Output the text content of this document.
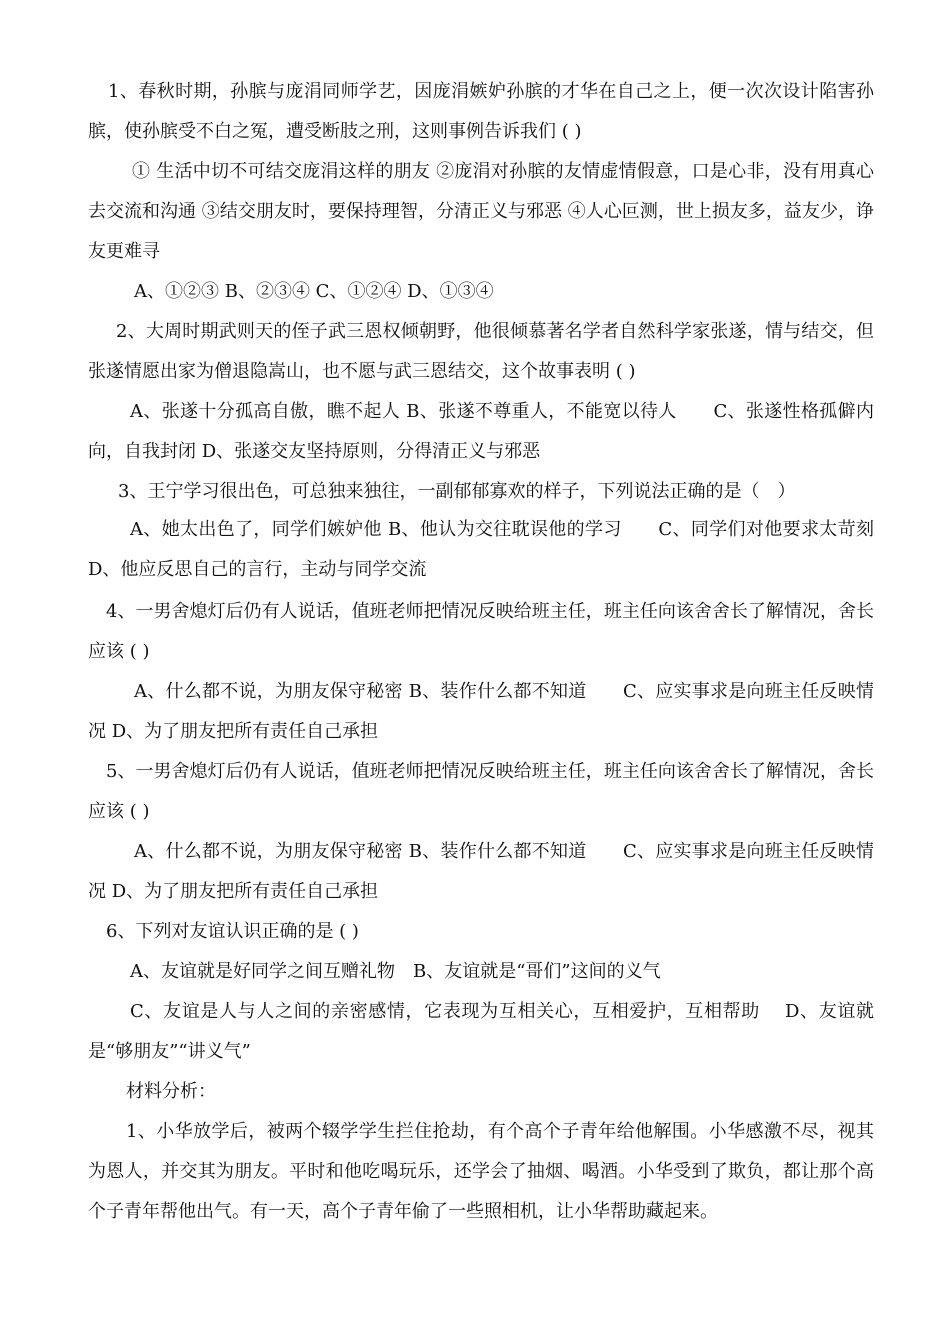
1、春秋时期，孙膑与庞涓同师学艺，因庞涓嫉妒孙膑的才华在自己之上，便一次次设计陷害孙膑，使孙膑受不白之冤，遭受断肢之刑，这则事例告诉我们 ( )

① 生活中切不可结交庞涓这样的朋友 ②庞涓对孙膑的友情虚情假意，口是心非，没有用真心去交流和沟通 ③结交朋友时，要保持理智，分清正义与邪恶 ④人心叵测，世上损友多，益友少，诤友更难寻

A、①②③ B、②③④ C、①②④ D、①③④

2、大周时期武则天的侄子武三恩权倾朝野，他很倾慕著名学者自然科学家张遂，情与结交，但张遂情愿出家为僧退隐嵩山，也不愿与武三恩结交，这个故事表明 ( )

A、张遂十分孤高自傲，瞧不起人 B、张遂不尊重人，不能宽以待人　　C、张遂性格孤僻内向，自我封闭 D、张遂交友坚持原则，分得清正义与邪恶

3、王宁学习很出色，可总独来独往，一副郁郁寡欢的样子，下列说法正确的是（　）

A、她太出色了，同学们嫉妒他 B、他认为交往耽误他的学习　　C、同学们对他要求太苛刻　D、他应反思自己的言行，主动与同学交流

4、一男舍熄灯后仍有人说话，值班老师把情况反映给班主任，班主任向该舍舍长了解情况，舍长应该 ( )

A、什么都不说，为朋友保守秘密 B、装作什么都不知道　　C、应实事求是向班主任反映情况 D、为了朋友把所有责任自己承担

5、一男舍熄灯后仍有人说话，值班老师把情况反映给班主任，班主任向该舍舍长了解情况，舍长应该 ( )

A、什么都不说，为朋友保守秘密 B、装作什么都不知道　　C、应实事求是向班主任反映情况 D、为了朋友把所有责任自己承担

6、下列对友谊认识正确的是 ( )

A、友谊就是好同学之间互赠礼物　B、友谊就是“哥们”这间的义气

C、友谊是人与人之间的亲密感情，它表现为互相关心，互相爱护，互相帮助　 D、友谊就是“够朋友”“讲义气”

材料分析：

1、小华放学后，被两个辍学学生拦住抢劫，有个高个子青年给他解围。小华感激不尽，视其为恩人，并交其为朋友。平时和他吃喝玩乐，还学会了抽烟、喝酒。小华受到了欺负，都让那个高个子青年帮他出气。有一天，高个子青年偷了一些照相机，让小华帮助藏起来。
